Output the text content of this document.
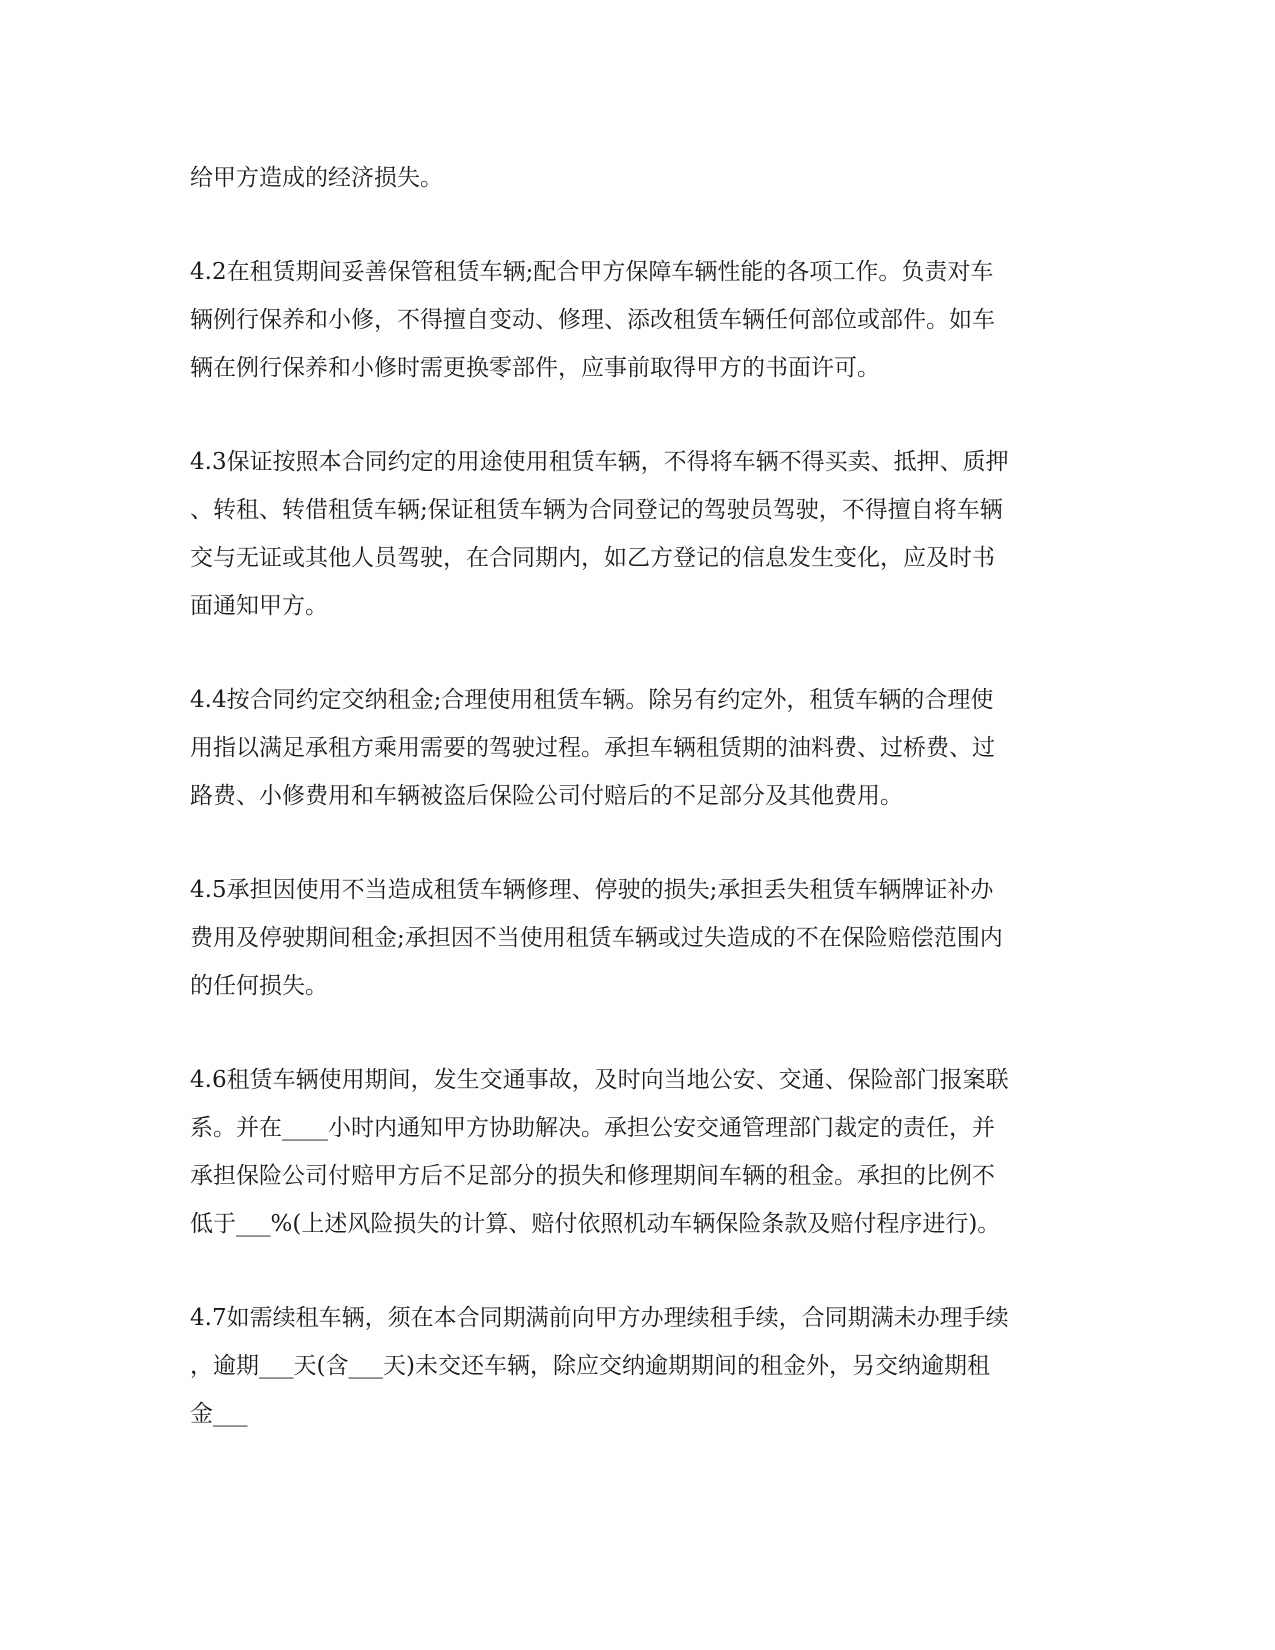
给甲方造成的经济损失。
4.2在租赁期间妥善保管租赁车辆;配合甲方保障车辆性能的各项工作。负责对车
辆例行保养和小修，不得擅自变动、修理、添改租赁车辆任何部位或部件。如车
辆在例行保养和小修时需更换零部件，应事前取得甲方的书面许可。
4.3保证按照本合同约定的用途使用租赁车辆，不得将车辆不得买卖、抵押、质押
、转租、转借租赁车辆;保证租赁车辆为合同登记的驾驶员驾驶，不得擅自将车辆
交与无证或其他人员驾驶，在合同期内，如乙方登记的信息发生变化，应及时书
面通知甲方。
4.4按合同约定交纳租金;合理使用租赁车辆。除另有约定外，租赁车辆的合理使
用指以满足承租方乘用需要的驾驶过程。承担车辆租赁期的油料费、过桥费、过
路费、小修费用和车辆被盗后保险公司付赔后的不足部分及其他费用。
4.5承担因使用不当造成租赁车辆修理、停驶的损失;承担丢失租赁车辆牌证补办
费用及停驶期间租金;承担因不当使用租赁车辆或过失造成的不在保险赔偿范围内
的任何损失。
4.6租赁车辆使用期间，发生交通事故，及时向当地公安、交通、保险部门报案联
系。并在____小时内通知甲方协助解决。承担公安交通管理部门裁定的责任，并
承担保险公司付赔甲方后不足部分的损失和修理期间车辆的租金。承担的比例不
低于___%(上述风险损失的计算、赔付依照机动车辆保险条款及赔付程序进行)。
4.7如需续租车辆，须在本合同期满前向甲方办理续租手续，合同期满未办理手续
，逾期___天(含___天)未交还车辆，除应交纳逾期期间的租金外，另交纳逾期租
金___
